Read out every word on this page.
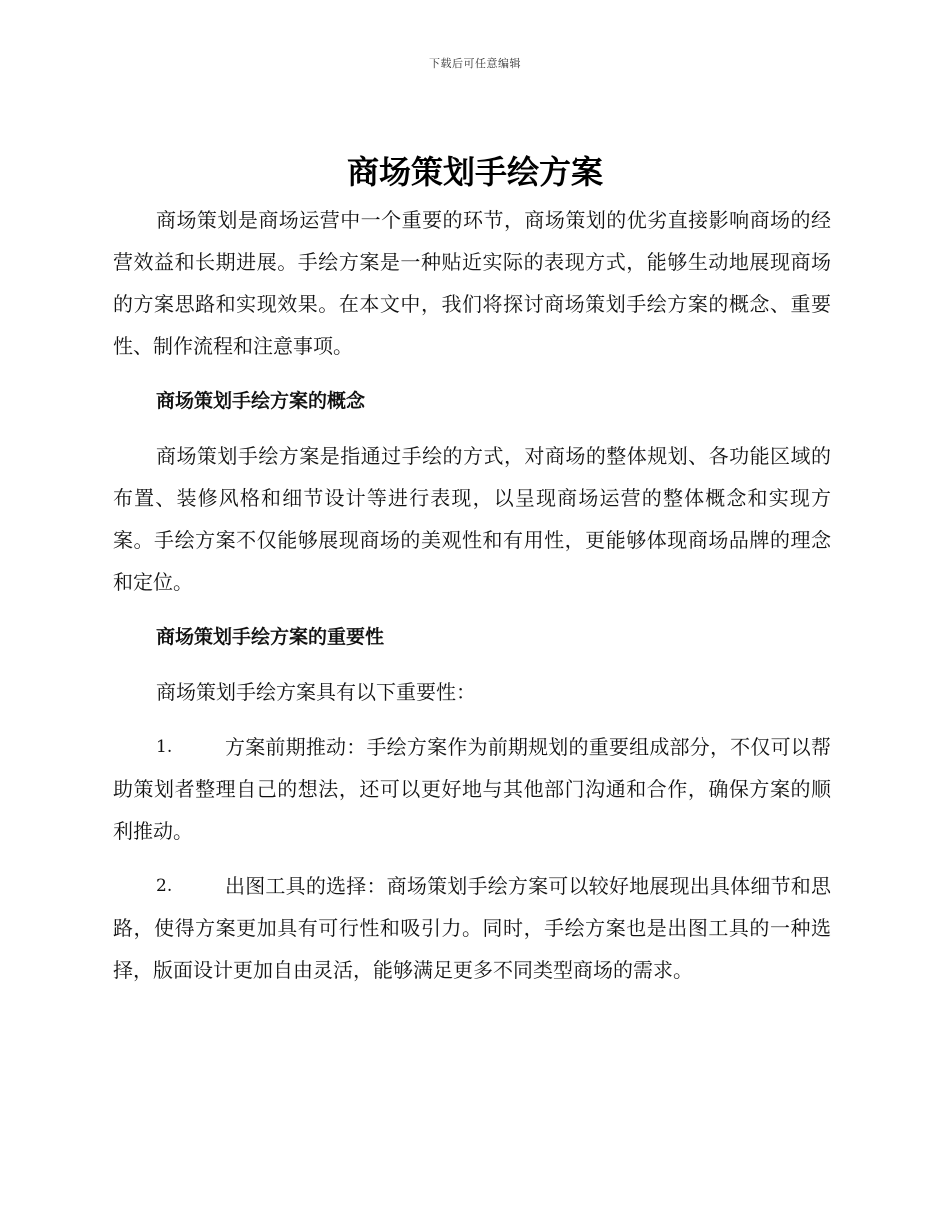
下载后可任意编辑
商场策划手绘方案

商场策划是商场运营中一个重要的环节，商场策划的优劣直接影响商场的经营效益和长期进展。手绘方案是一种贴近实际的表现方式，能够生动地展现商场的方案思路和实现效果。在本文中，我们将探讨商场策划手绘方案的概念、重要性、制作流程和注意事项。

商场策划手绘方案的概念

商场策划手绘方案是指通过手绘的方式，对商场的整体规划、各功能区域的布置、装修风格和细节设计等进行表现，以呈现商场运营的整体概念和实现方案。手绘方案不仅能够展现商场的美观性和有用性，更能够体现商场品牌的理念和定位。

商场策划手绘方案的重要性

商场策划手绘方案具有以下重要性：

1.	方案前期推动：手绘方案作为前期规划的重要组成部分，不仅可以帮助策划者整理自己的想法，还可以更好地与其他部门沟通和合作，确保方案的顺利推动。

2.	出图工具的选择：商场策划手绘方案可以较好地展现出具体细节和思路，使得方案更加具有可行性和吸引力。同时，手绘方案也是出图工具的一种选择，版面设计更加自由灵活，能够满足更多不同类型商场的需求。
